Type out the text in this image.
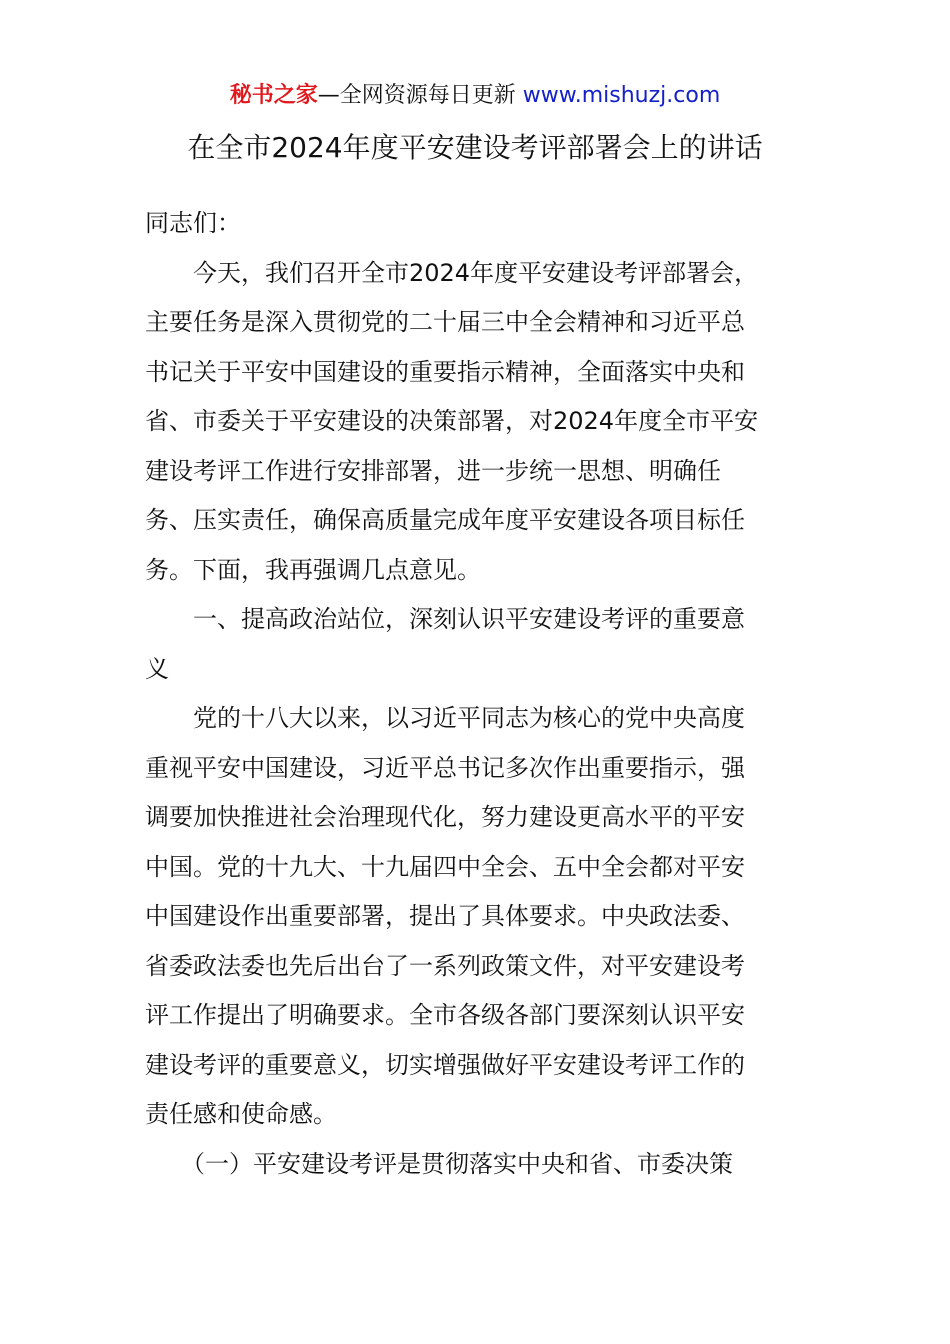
秘书之家—全网资源每日更新 www.mishuzj.com
在全市2024年度平安建设考评部署会上的讲话
同志们：
　　今天，我们召开全市2024年度平安建设考评部署会，
主要任务是深入贯彻党的二十届三中全会精神和习近平总
书记关于平安中国建设的重要指示精神，全面落实中央和
省、市委关于平安建设的决策部署，对2024年度全市平安
建设考评工作进行安排部署，进一步统一思想、明确任
务、压实责任，确保高质量完成年度平安建设各项目标任
务。下面，我再强调几点意见。
　　一、提高政治站位，深刻认识平安建设考评的重要意
义
　　党的十八大以来，以习近平同志为核心的党中央高度
重视平安中国建设，习近平总书记多次作出重要指示，强
调要加快推进社会治理现代化，努力建设更高水平的平安
中国。党的十九大、十九届四中全会、五中全会都对平安
中国建设作出重要部署，提出了具体要求。中央政法委、
省委政法委也先后出台了一系列政策文件，对平安建设考
评工作提出了明确要求。全市各级各部门要深刻认识平安
建设考评的重要意义，切实增强做好平安建设考评工作的
责任感和使命感。
　　（一）平安建设考评是贯彻落实中央和省、市委决策
